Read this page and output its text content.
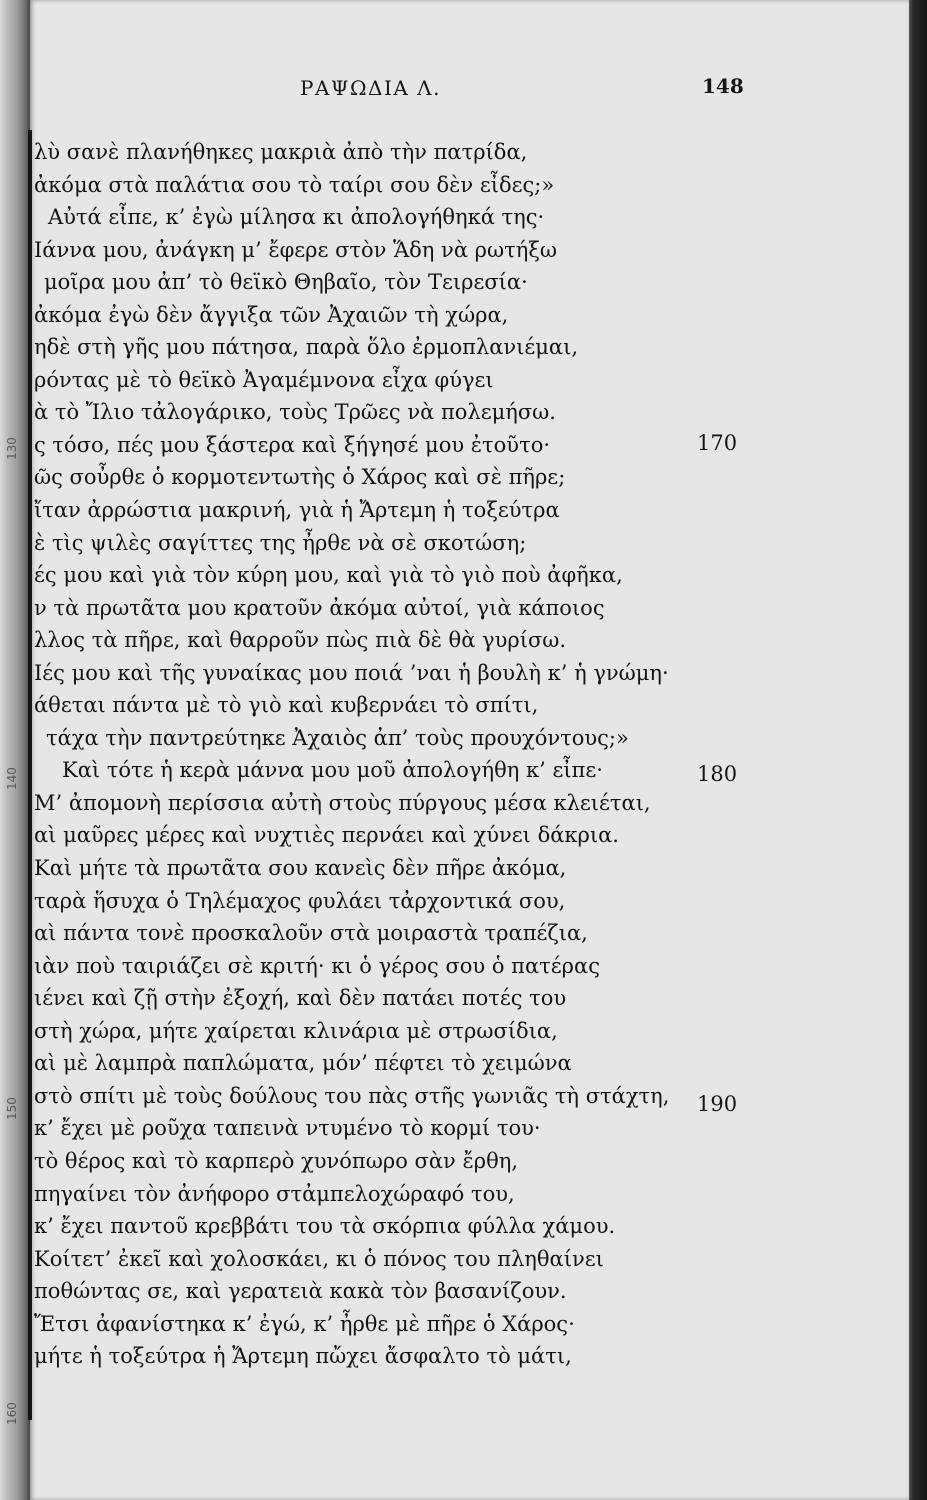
ΡΑΨΩΔΙΑ Λ.	148
λὺ σανὲ πλανήθηκες μακριὰ ἀπὸ τὴν πατρίδα,
ἀκόμα στὰ παλάτια σου τὸ ταίρι σου δὲν εἶδες;»
Αὐτά εἶπε, κ’ ἐγὼ μίλησα κι ἀπολογήθηκά της·
Ιάννα μου, ἀνάγκη μ’ ἔφερε στὸν Ἅδη νὰ ρωτήξω
μοῖρα μου ἀπ’ τὸ θεϊκὸ Θηβαῖο, τὸν Τειρεσία·
ἀκόμα ἐγὼ δὲν ἄγγιξα τῶν Ἀχαιῶν τὴ χώρα,
ηδὲ στὴ γῆς μου πάτησα, παρὰ ὅλο ἐρμοπλανιέμαι,
ρόντας μὲ τὸ θεϊκὸ Ἀγαμέμνονα εἶχα φύγει
ὰ τὸ Ἴλιο τἀλογάρικο, τοὺς Τρῶες νὰ πολεμήσω.
ς τόσο, πές μου ξάστερα καὶ ξήγησέ μου ἐτοῦτο·
ῶς σοὖρθε ὁ κορμοτεντωτὴς ὁ Χάρος καὶ σὲ πῆρε;
ἴταν ἀρρώστια μακρινή, γιὰ ἡ Ἄρτεμη ἡ τοξεύτρα
ὲ τὶς ψιλὲς σαγίττες της ἦρθε νὰ σὲ σκοτώση;
ές μου καὶ γιὰ τὸν κύρη μου, καὶ γιὰ τὸ γιὸ ποὺ ἀφῆκα,
ν τὰ πρωτᾶτα μου κρατοῦν ἀκόμα αὐτοί, γιὰ κάποιος
λλος τὰ πῆρε, καὶ θαρροῦν πὼς πιὰ δὲ θὰ γυρίσω.
Ιές μου καὶ τῆς γυναίκας μου ποιά ’ναι ἡ βουλὴ κ’ ἡ γνώμη·
άθεται πάντα μὲ τὸ γιὸ καὶ κυβερνάει τὸ σπίτι,
τάχα τὴν παντρεύτηκε Ἀχαιὸς ἀπ’ τοὺς προυχόντους;»
Καὶ τότε ἡ κερὰ μάννα μου μοῦ ἀπολογήθη κ’ εἶπε·
Μ’ ἀπομονὴ περίσσια αὐτὴ στοὺς πύργους μέσα κλειέται,
αὶ μαῦρες μέρες καὶ νυχτιὲς περνάει καὶ χύνει δάκρια.
Καὶ μήτε τὰ πρωτᾶτα σου κανεὶς δὲν πῆρε ἀκόμα,
ταρὰ ἥσυχα ὁ Τηλέμαχος φυλάει τἀρχοντικά σου,
αὶ πάντα τονὲ προσκαλοῦν στὰ μοιραστὰ τραπέζια,
ιὰν ποὺ ταιριάζει σὲ κριτή· κι ὁ γέρος σου ὁ πατέρας
ιένει καὶ ζῇ στὴν ἐξοχή, καὶ δὲν πατάει ποτές του
στὴ χώρα, μήτε χαίρεται κλινάρια μὲ στρωσίδια,
αὶ μὲ λαμπρὰ παπλώματα, μόν’ πέφτει τὸ χειμώνα
στὸ σπίτι μὲ τοὺς δούλους του πὰς στῆς γωνιᾶς τὴ στάχτη,
κ’ ἔχει μὲ ροῦχα ταπεινὰ ντυμένο τὸ κορμί του·
τὸ θέρος καὶ τὸ καρπερὸ χυνόπωρο σὰν ἔρθη,
πηγαίνει τὸν ἀνήφορο στἀμπελοχώραφό του,
κ’ ἔχει παντοῦ κρεββάτι του τὰ σκόρπια φύλλα χάμου.
Κοίτετ’ ἐκεῖ καὶ χολοσκάει, κι ὁ πόνος του πληθαίνει
ποθώντας σε, καὶ γερατειὰ κακὰ τὸν βασανίζουν.
Ἔτσι ἀφανίστηκα κ’ ἐγώ, κ’ ἦρθε μὲ πῆρε ὁ Χάρος·
μήτε ἡ τοξεύτρα ἡ Ἄρτεμη πὤχει ἄσφαλτο τὸ μάτι,
170
180
190
130
140
150
160
